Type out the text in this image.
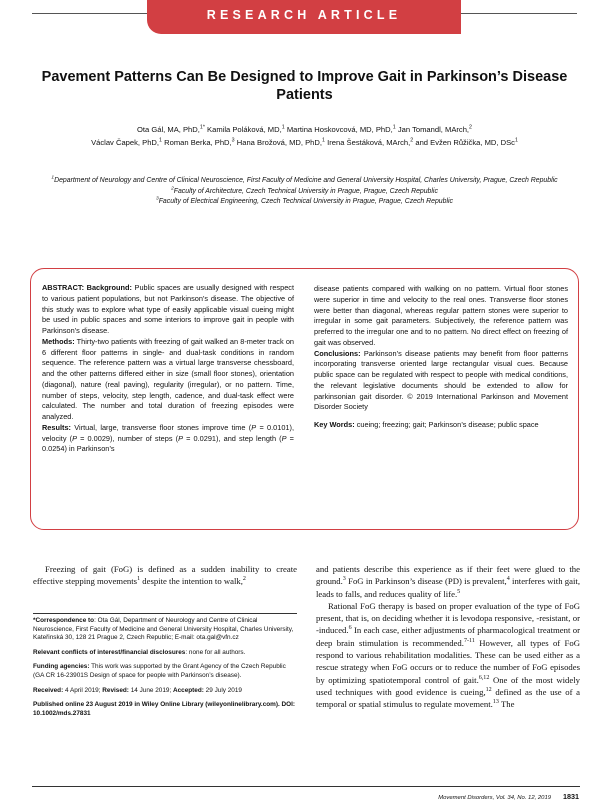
RESEARCH ARTICLE
Pavement Patterns Can Be Designed to Improve Gait in Parkinson’s Disease Patients
Ota Gál, MA, PhD,$^{1*}$ Kamila Poláková, MD,$^1$ Martina Hoskovcová, MD, PhD,$^1$ Jan Tomandl, MArch,$^2$
Václav Čapek, PhD,$^1$ Roman Berka, PhD,$^3$ Hana Brožová, MD, PhD,$^1$ Irena Šestáková, MArch,$^2$ and Evžen Růžička, MD, DSc$^1$
$^1$Department of Neurology and Centre of Clinical Neuroscience, First Faculty of Medicine and General University Hospital, Charles University, Prague, Czech Republic
$^2$Faculty of Architecture, Czech Technical University in Prague, Prague, Czech Republic
$^3$Faculty of Electrical Engineering, Czech Technical University in Prague, Prague, Czech Republic

ABSTRACT: Background: Public spaces are usually designed with respect to various patient populations, but not Parkinson’s disease. The objective of this study was to explore what type of easily applicable visual cueing might be used in public spaces and some interiors to improve gait in people with Parkinson’s disease.

Methods: Thirty-two patients with freezing of gait walked an 8-meter track on 6 different floor patterns in single- and dual-task conditions in random sequence. The reference pattern was a virtual large transverse chessboard, and the other patterns differed either in size (small floor stones), orientation (diagonal), nature (real paving), regularity (irregular), or no pattern. Time, number of steps, velocity, step length, cadence, and dual-task effect were calculated. The number and total duration of freezing episodes were analyzed.

Results: Virtual, large, transverse floor stones improve time (P = 0.0101), velocity (P = 0.0029), number of steps (P = 0.0291), and step length (P = 0.0254) in Parkinson’s

disease patients compared with walking on no pattern. Virtual floor stones were superior in time and velocity to the real ones. Transverse floor stones were better than diagonal, whereas regular pattern stones were superior to irregular in some gait parameters. Subjectively, the reference pattern was preferred to the irregular one and to no pattern. No direct effect on freezing of gait was observed.

Conclusions: Parkinson’s disease patients may benefit from floor patterns incorporating transverse oriented large rectangular visual cues. Because public space can be regulated with respect to people with medical conditions, the relevant legislative documents should be extended to allow for parkinsonian gait disorder. © 2019 International Parkinson and Movement Disorder Society

Key Words: cueing; freezing; gait; Parkinson’s disease; public space

Freezing of gait (FoG) is defined as a sudden inability to create effective stepping movements$^1$ despite the intention to walk,$^2$

*Correspondence to: Ota Gál, Department of Neurology and Centre of Clinical Neuroscience, First Faculty of Medicine and General University Hospital, Charles University, Kateřinská 30, 128 21 Prague 2, Czech Republic; E-mail: ota.gal@vfn.cz

Relevant conflicts of interest/financial disclosures: none for all authors.

Funding agencies: This work was supported by the Grant Agency of the Czech Republic (GA CR 16-23901S Design of space for people with Parkinson’s disease).

Received: 4 April 2019; Revised: 14 June 2019; Accepted: 29 July 2019

Published online 23 August 2019 in Wiley Online Library (wileyonlinelibrary.com). DOI: 10.1002/mds.27831

and patients describe this experience as if their feet were glued to the ground.$^3$ FoG in Parkinson’s disease (PD) is prevalent,$^4$ interferes with gait, leads to falls, and reduces quality of life.$^5$

Rational FoG therapy is based on proper evaluation of the type of FoG present, that is, on deciding whether it is levodopa responsive, -resistant, or -induced.$^6$ In each case, either adjustments of pharmacological treatment or deep brain stimulation is recommended.$^{7-11}$ However, all types of FoG respond to various rehabilitation modalities. These can be used either as a rescue strategy when FoG occurs or to reduce the number of FoG episodes by optimizing spatiotemporal control of gait.$^{6,12}$ One of the most widely used techniques with good evidence is cueing,$^{12}$ defined as the use of a temporal or spatial stimulus to regulate movement.$^{13}$ The

Movement Disorders, Vol. 34, No. 12, 2019 1831
